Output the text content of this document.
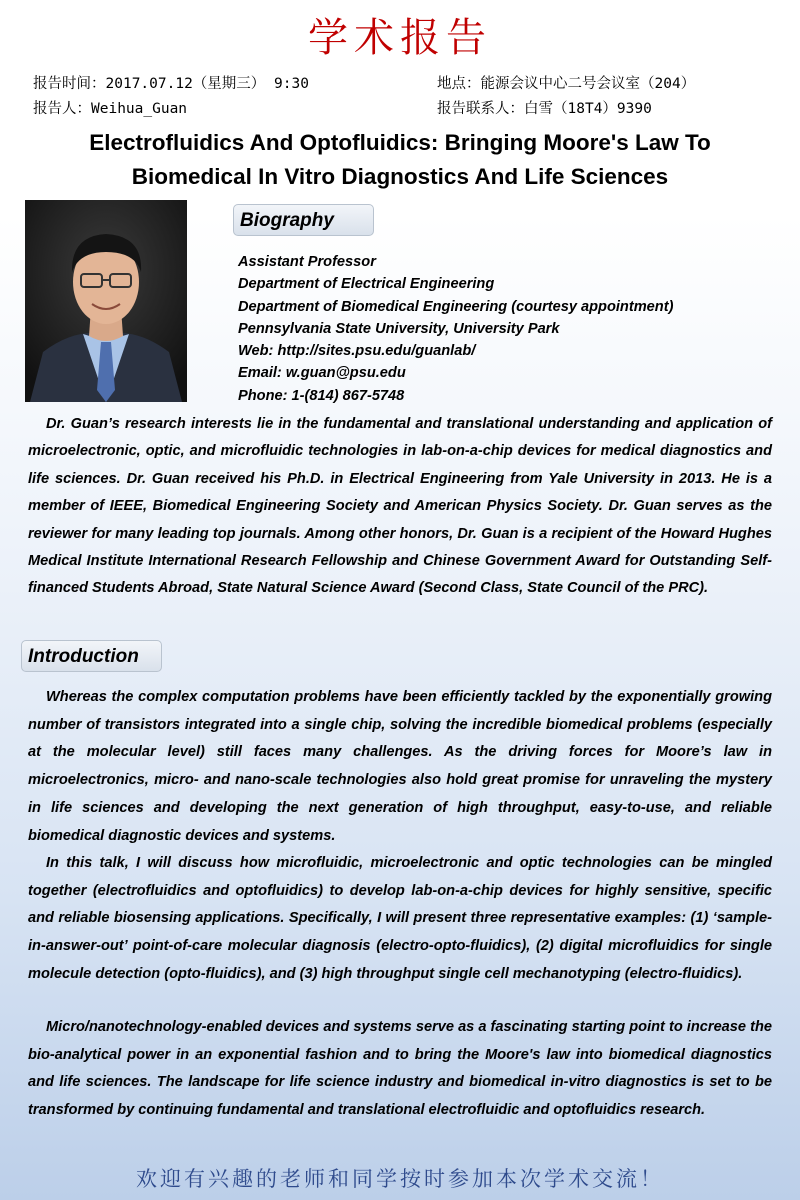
学术报告
报告时间：2017.07.12（星期三） 9:30	地点：能源会议中心二号会议室（204）
报告人：Weihua_Guan	报告联系人：白雪（18T4）9390
Electrofluidics And Optofluidics: Bringing Moore's Law To
Biomedical In Vitro Diagnostics And Life Sciences
Biography
Assistant Professor
Department of Electrical Engineering
Department of Biomedical Engineering (courtesy appointment)
Pennsylvania State University, University Park
Web: http://sites.psu.edu/guanlab/
Email: w.guan@psu.edu
Phone: 1-(814) 867-5748

Dr. Guan’s research interests lie in the fundamental and translational understanding and application of microelectronic, optic, and microfluidic technologies in lab-on-a-chip devices for medical diagnostics and life sciences. Dr. Guan received his Ph.D. in Electrical Engineering from Yale University in 2013. He is a member of IEEE, Biomedical Engineering Society and American Physics Society. Dr. Guan serves as the reviewer for many leading top journals. Among other honors, Dr. Guan is a recipient of the Howard Hughes Medical Institute International Research Fellowship and Chinese Government Award for Outstanding Self-financed Students Abroad, State Natural Science Award (Second Class, State Council of the PRC).

Introduction

Whereas the complex computation problems have been efficiently tackled by the exponentially growing number of transistors integrated into a single chip, solving the incredible biomedical problems (especially at the molecular level) still faces many challenges. As the driving forces for Moore’s law in microelectronics, micro- and nano-scale technologies also hold great promise for unraveling the mystery in life sciences and developing the next generation of high throughput, easy-to-use, and reliable biomedical diagnostic devices and systems.

In this talk, I will discuss how microfluidic, microelectronic and optic technologies can be mingled together (electrofluidics and optofluidics) to develop lab-on-a-chip devices for highly sensitive, specific and reliable biosensing applications. Specifically, I will present three representative examples: (1) ‘sample-in-answer-out’ point-of-care molecular diagnosis (electro-opto-fluidics), (2) digital microfluidics for single molecule detection (opto-fluidics), and (3) high throughput single cell mechanotyping (electro-fluidics).

Micro/nanotechnology-enabled devices and systems serve as a fascinating starting point to increase the bio-analytical power in an exponential fashion and to bring the Moore's law into biomedical diagnostics and life sciences. The landscape for life science industry and biomedical in-vitro diagnostics is set to be transformed by continuing fundamental and translational electrofluidic and optofluidics research.

欢迎有兴趣的老师和同学按时参加本次学术交流！
